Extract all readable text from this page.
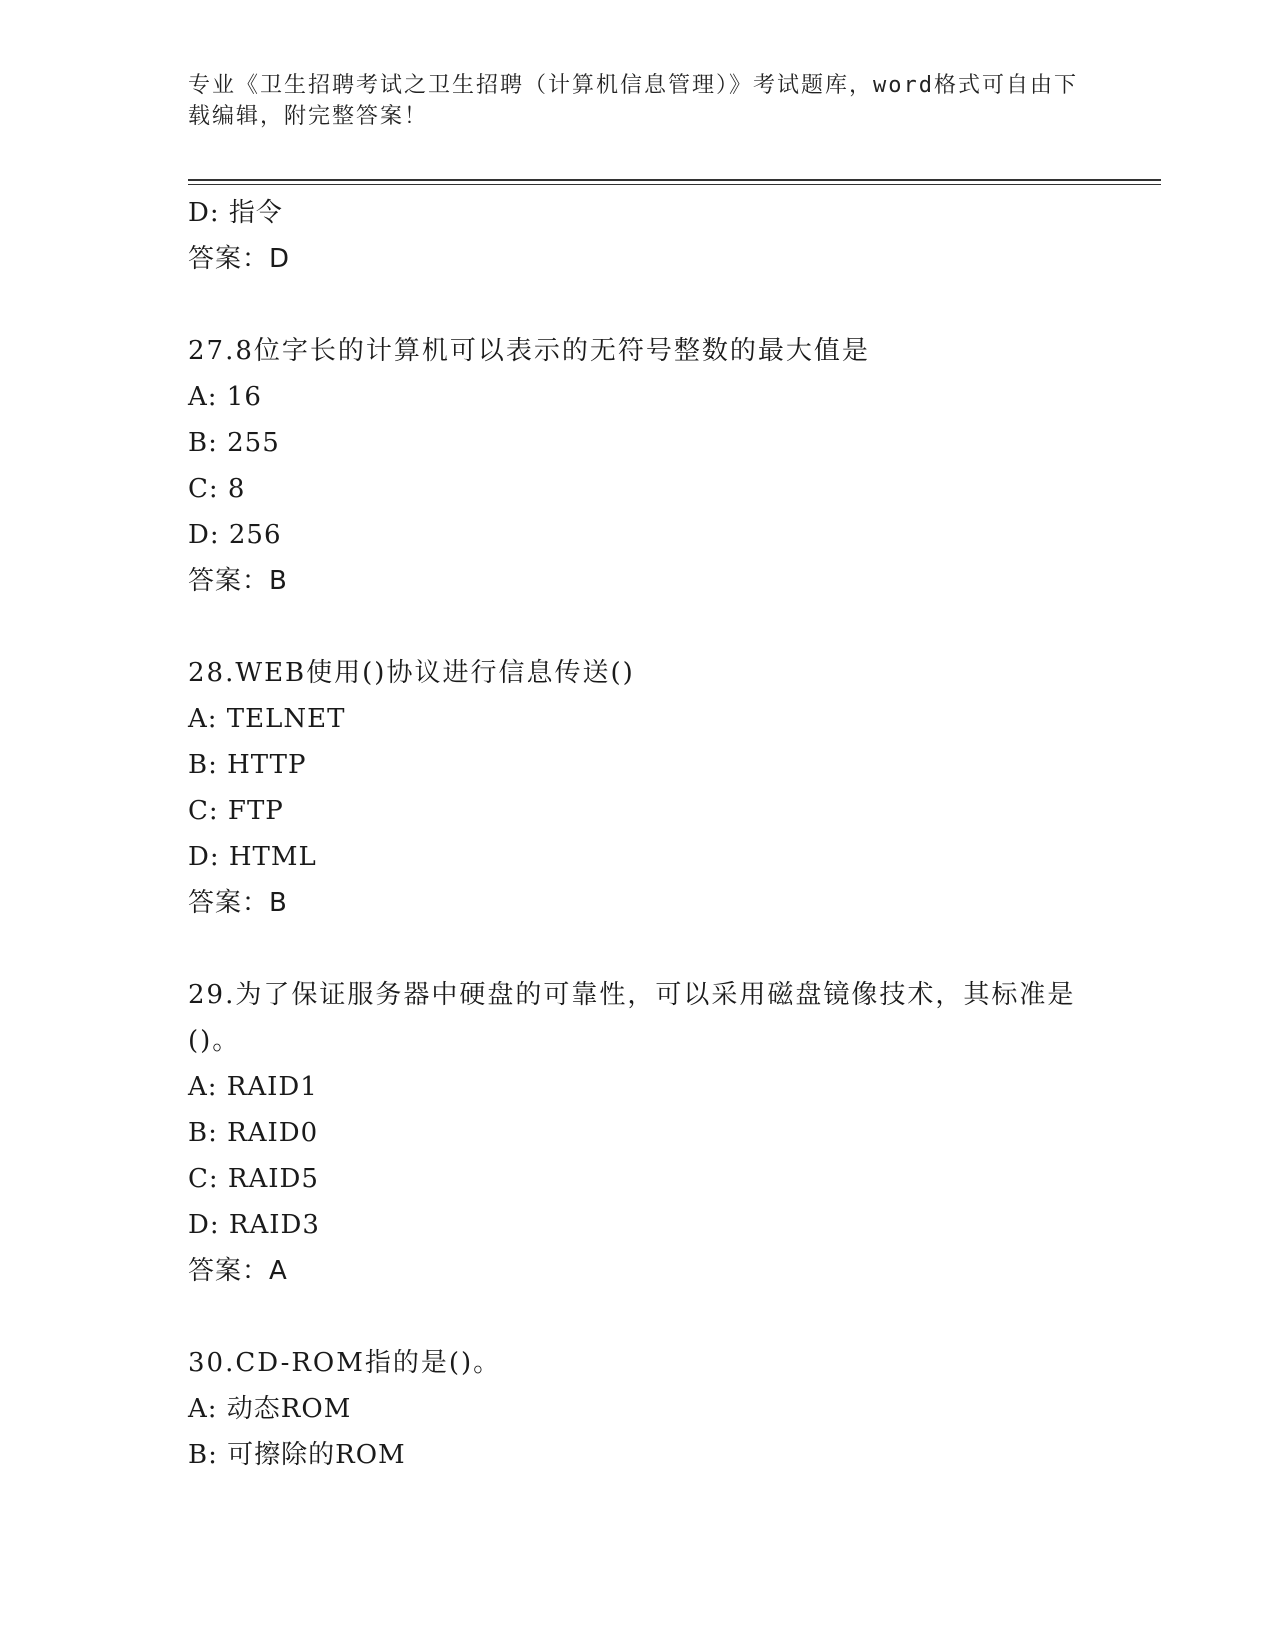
专业《卫生招聘考试之卫生招聘（计算机信息管理）》考试题库，word格式可自由下载编辑，附完整答案！
D: 指令
答案：D
27.8位字长的计算机可以表示的无符号整数的最大值是
A: 16
B: 255
C: 8
D: 256
答案：B
28.WEB使用()协议进行信息传送()
A: TELNET
B: HTTP
C: FTP
D: HTML
答案：B
29.为了保证服务器中硬盘的可靠性，可以采用磁盘镜像技术，其标准是()。
A: RAID1
B: RAID0
C: RAID5
D: RAID3
答案：A
30.CD-ROM指的是()。
A: 动态ROM
B: 可擦除的ROM
